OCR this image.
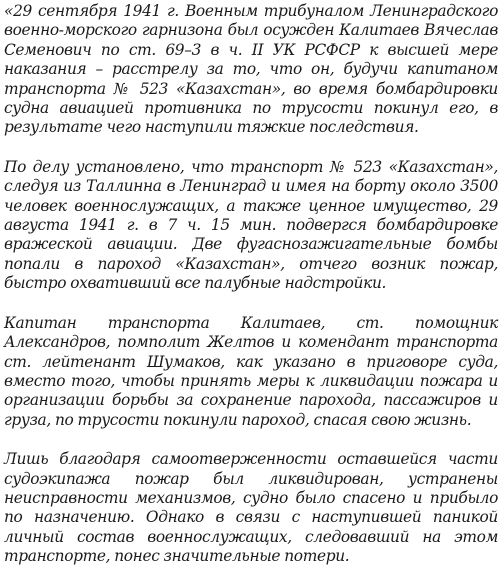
«29 сентября 1941 г. Военным трибуналом Ленинградского военно-морского гарнизона был осужден Калитаев Вячеслав Семенович по ст. 69–3 в ч. II УК РСФСР к высшей мере наказания – расстрелу за то, что он, будучи капитаном транспорта № 523 «Казахстан», во время бомбардировки судна авиацией противника по трусости покинул его, в результате чего наступили тяжкие последствия.

По делу установлено, что транспорт № 523 «Казахстан», следуя из Таллинна в Ленинград и имея на борту около 3500 человек военнослужащих, а также ценное имущество, 29 августа 1941 г. в 7 ч. 15 мин. подвергся бомбардировке вражеской авиации. Две фугаснозажигательные бомбы попали в пароход «Казахстан», отчего возник пожар, быстро охвативший все палубные надстройки.

Капитан транспорта Калитаев, ст. помощник Александров, помполит Желтов и комендант транспорта ст. лейтенант Шумаков, как указано в приговоре суда, вместо того, чтобы принять меры к ликвидации пожара и организации борьбы за сохранение парохода, пассажиров и груза, по трусости покинули пароход, спасая свою жизнь.

Лишь благодаря самоотверженности оставшейся части судоэкипажа пожар был ликвидирован, устранены неисправности механизмов, судно было спасено и прибыло по назначению. Однако в связи с наступившей паникой личный состав военнослужащих, следовавший на этом транспорте, понес значительные потери.
